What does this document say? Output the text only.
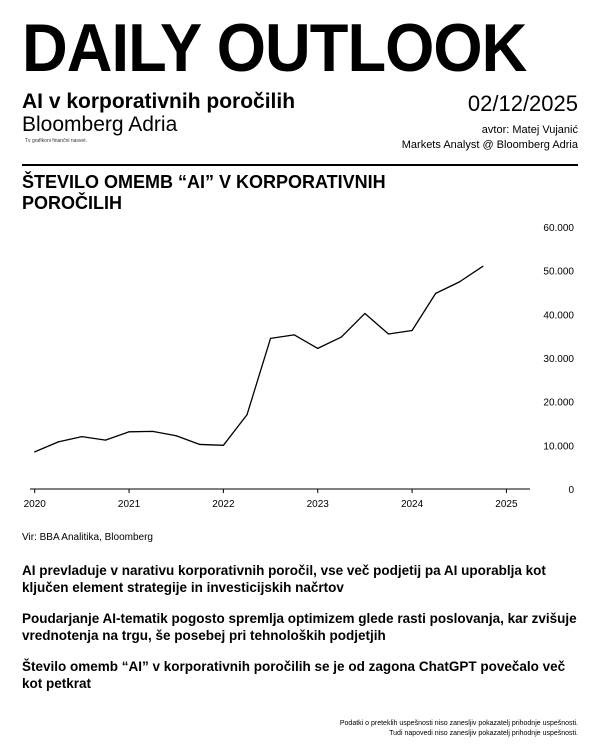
DAILY OUTLOOK
AI v korporativnih poročilih
Bloomberg Adria
Tv grafikoni finančni nasvet.
02/12/2025
avtor: Matej Vujanić
Markets Analyst @ Bloomberg Adria
ŠTEVILO OMEMB “AI” V KORPORATIVNIH POROČILIH
2020	2021	2022	2023	2024	2025
60.000
50.000
40.000
30.000
20.000
10.000
0
Vir: BBA Analitika, Bloomberg

AI prevladuje v narativu korporativnih poročil, vse več podjetij pa AI uporablja kot ključen element strategije in investicijskih načrtov

Poudarjanje AI-tematik pogosto spremlja optimizem glede rasti poslovanja, kar zvišuje vrednotenja na trgu, še posebej pri tehnoloških podjetjih

Število omemb “AI” v korporativnih poročilih se je od zagona ChatGPT povečalo več kot petkrat

Podatki o preteklih uspešnosti niso zanesljiv pokazatelj prihodnje uspešnosti.
Tudi napovedi niso zanesljiv pokazatelj prihodnje uspešnosti.
